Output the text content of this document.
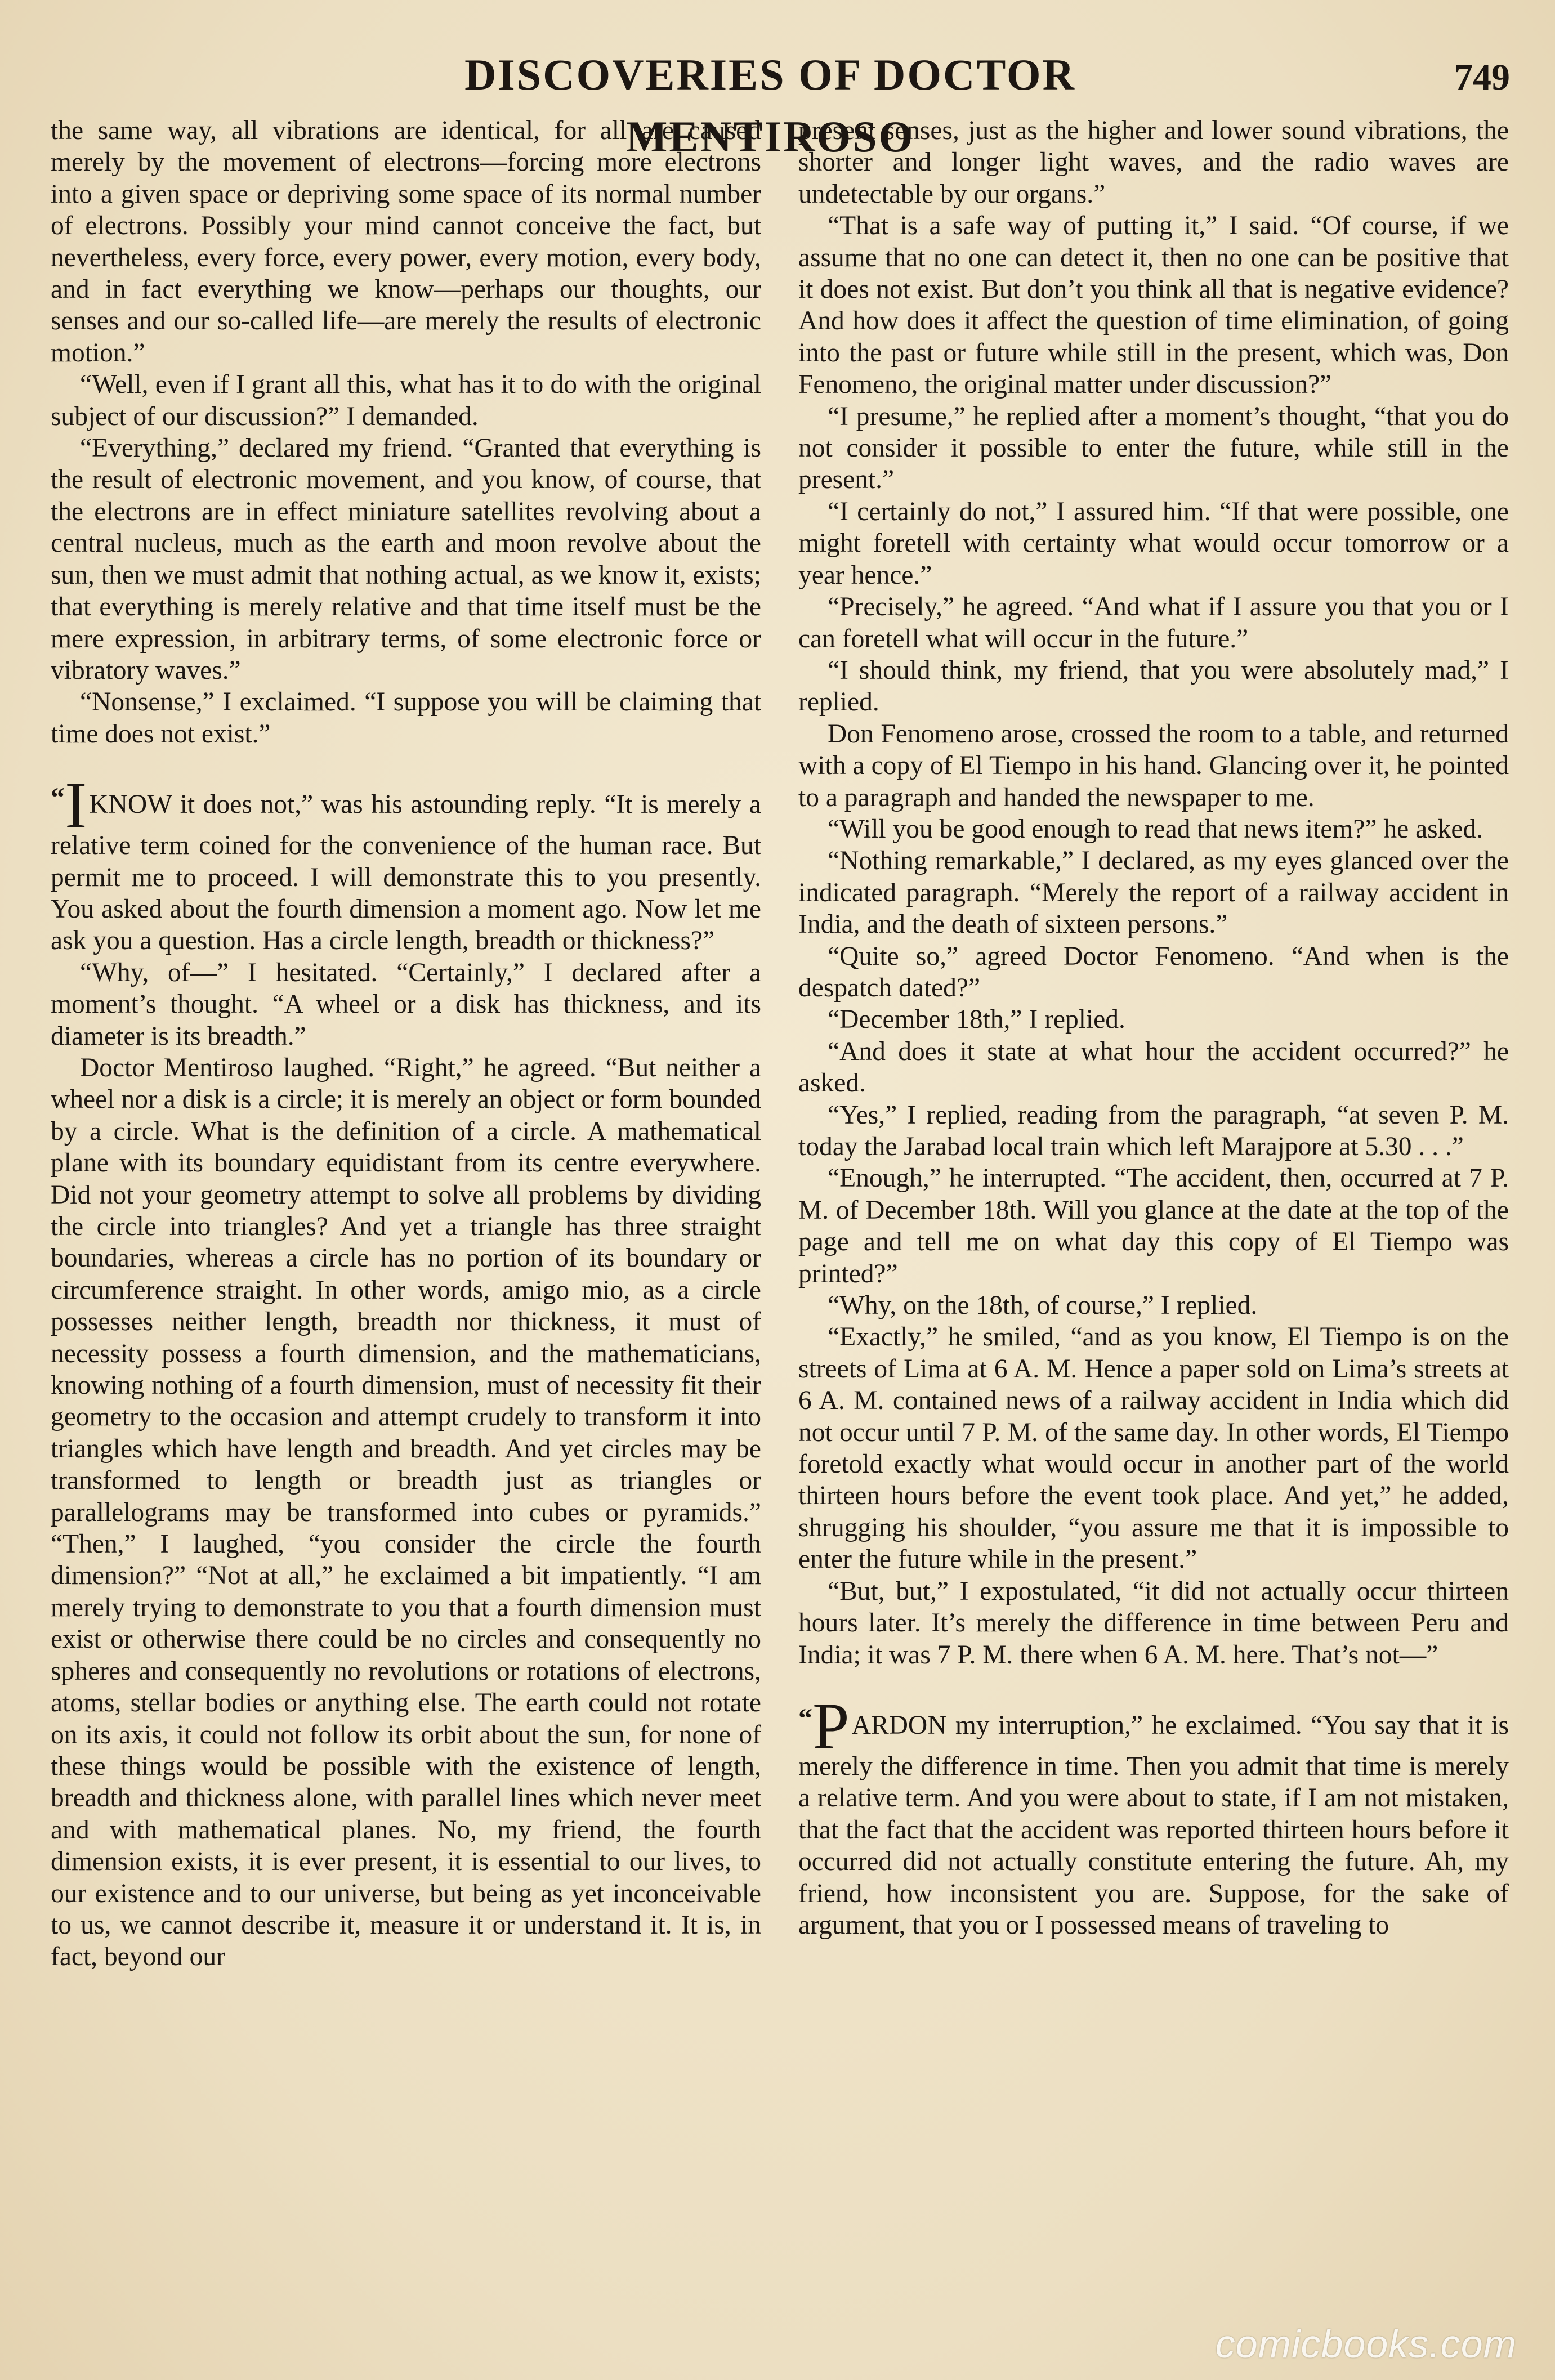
DISCOVERIES OF DOCTOR MENTIROSO
749

the same way, all vibrations are identical, for all are caused merely by the movement of electrons—forcing more electrons into a given space or depriving some space of its normal number of electrons. Possibly your mind cannot conceive the fact, but nevertheless, every force, every power, every motion, every body, and in fact everything we know—perhaps our thoughts, our senses and our so-called life—are merely the results of electronic motion.”

“Well, even if I grant all this, what has it to do with the original subject of our discussion?” I demanded.

“Everything,” declared my friend. “Granted that everything is the result of electronic movement, and you know, of course, that the electrons are in effect miniature satellites revolving about a central nucleus, much as the earth and moon revolve about the sun, then we must admit that nothing actual, as we know it, exists; that everything is merely relative and that time itself must be the mere expression, in arbitrary terms, of some electronic force or vibratory waves.”

“Nonsense,” I exclaimed. “I suppose you will be claiming that time does not exist.”

“IKNOW it does not,” was his astounding reply. “It is merely a relative term coined for the convenience of the human race. But permit me to proceed. I will demonstrate this to you presently. You asked about the fourth dimension a moment ago. Now let me ask you a question. Has a circle length, breadth or thickness?”

“Why, of—” I hesitated. “Certainly,” I declared after a moment’s thought. “A wheel or a disk has thickness, and its diameter is its breadth.”

Doctor Mentiroso laughed. “Right,” he agreed. “But neither a wheel nor a disk is a circle; it is merely an object or form bounded by a circle. What is the definition of a circle. A mathematical plane with its boundary equidistant from its centre everywhere. Did not your geometry attempt to solve all problems by dividing the circle into triangles? And yet a triangle has three straight boundaries, whereas a circle has no portion of its boundary or circumference straight. In other words, amigo mio, as a circle possesses neither length, breadth nor thickness, it must of necessity possess a fourth dimension, and the mathematicians, knowing nothing of a fourth dimension, must of necessity fit their geometry to the occasion and attempt crudely to transform it into triangles which have length and breadth. And yet circles may be transformed to length or breadth just as triangles or parallelograms may be transformed into cubes or pyramids.” “Then,” I laughed, “you consider the circle the fourth dimension?” “Not at all,” he exclaimed a bit impatiently. “I am merely trying to demonstrate to you that a fourth dimension must exist or otherwise there could be no circles and consequently no spheres and consequently no revolutions or rotations of electrons, atoms, stellar bodies or anything else. The earth could not rotate on its axis, it could not follow its orbit about the sun, for none of these things would be possible with the existence of length, breadth and thickness alone, with parallel lines which never meet and with mathematical planes. No, my friend, the fourth dimension exists, it is ever present, it is essential to our lives, to our existence and to our universe, but being as yet inconceivable to us, we cannot describe it, measure it or understand it. It is, in fact, beyond our

present senses, just as the higher and lower sound vibrations, the shorter and longer light waves, and the radio waves are undetectable by our organs.”

“That is a safe way of putting it,” I said. “Of course, if we assume that no one can detect it, then no one can be positive that it does not exist. But don’t you think all that is negative evidence? And how does it affect the question of time elimination, of going into the past or future while still in the present, which was, Don Fenomeno, the original matter under discussion?”

“I presume,” he replied after a moment’s thought, “that you do not consider it possible to enter the future, while still in the present.”

“I certainly do not,” I assured him. “If that were possible, one might foretell with certainty what would occur tomorrow or a year hence.”

“Precisely,” he agreed. “And what if I assure you that you or I can foretell what will occur in the future.”

“I should think, my friend, that you were absolutely mad,” I replied.

Don Fenomeno arose, crossed the room to a table, and returned with a copy of El Tiempo in his hand. Glancing over it, he pointed to a paragraph and handed the newspaper to me.

“Will you be good enough to read that news item?” he asked.

“Nothing remarkable,” I declared, as my eyes glanced over the indicated paragraph. “Merely the report of a railway accident in India, and the death of sixteen persons.”

“Quite so,” agreed Doctor Fenomeno. “And when is the despatch dated?”

“December 18th,” I replied.

“And does it state at what hour the accident occurred?” he asked.

“Yes,” I replied, reading from the paragraph, “at seven P. M. today the Jarabad local train which left Marajpore at 5.30 . . .”

“Enough,” he interrupted. “The accident, then, occurred at 7 P. M. of December 18th. Will you glance at the date at the top of the page and tell me on what day this copy of El Tiempo was printed?”

“Why, on the 18th, of course,” I replied.

“Exactly,” he smiled, “and as you know, El Tiempo is on the streets of Lima at 6 A. M. Hence a paper sold on Lima’s streets at 6 A. M. contained news of a railway accident in India which did not occur until 7 P. M. of the same day. In other words, El Tiempo foretold exactly what would occur in another part of the world thirteen hours before the event took place. And yet,” he added, shrugging his shoulder, “you assure me that it is impossible to enter the future while in the present.”

“But, but,” I expostulated, “it did not actually occur thirteen hours later. It’s merely the difference in time between Peru and India; it was 7 P. M. there when 6 A. M. here. That’s not—”

“PARDON my interruption,” he exclaimed. “You say that it is merely the difference in time. Then you admit that time is merely a relative term. And you were about to state, if I am not mistaken, that the fact that the accident was reported thirteen hours before it occurred did not actually constitute entering the future. Ah, my friend, how inconsistent you are. Suppose, for the sake of argument, that you or I possessed means of traveling to

comicbooks.com
